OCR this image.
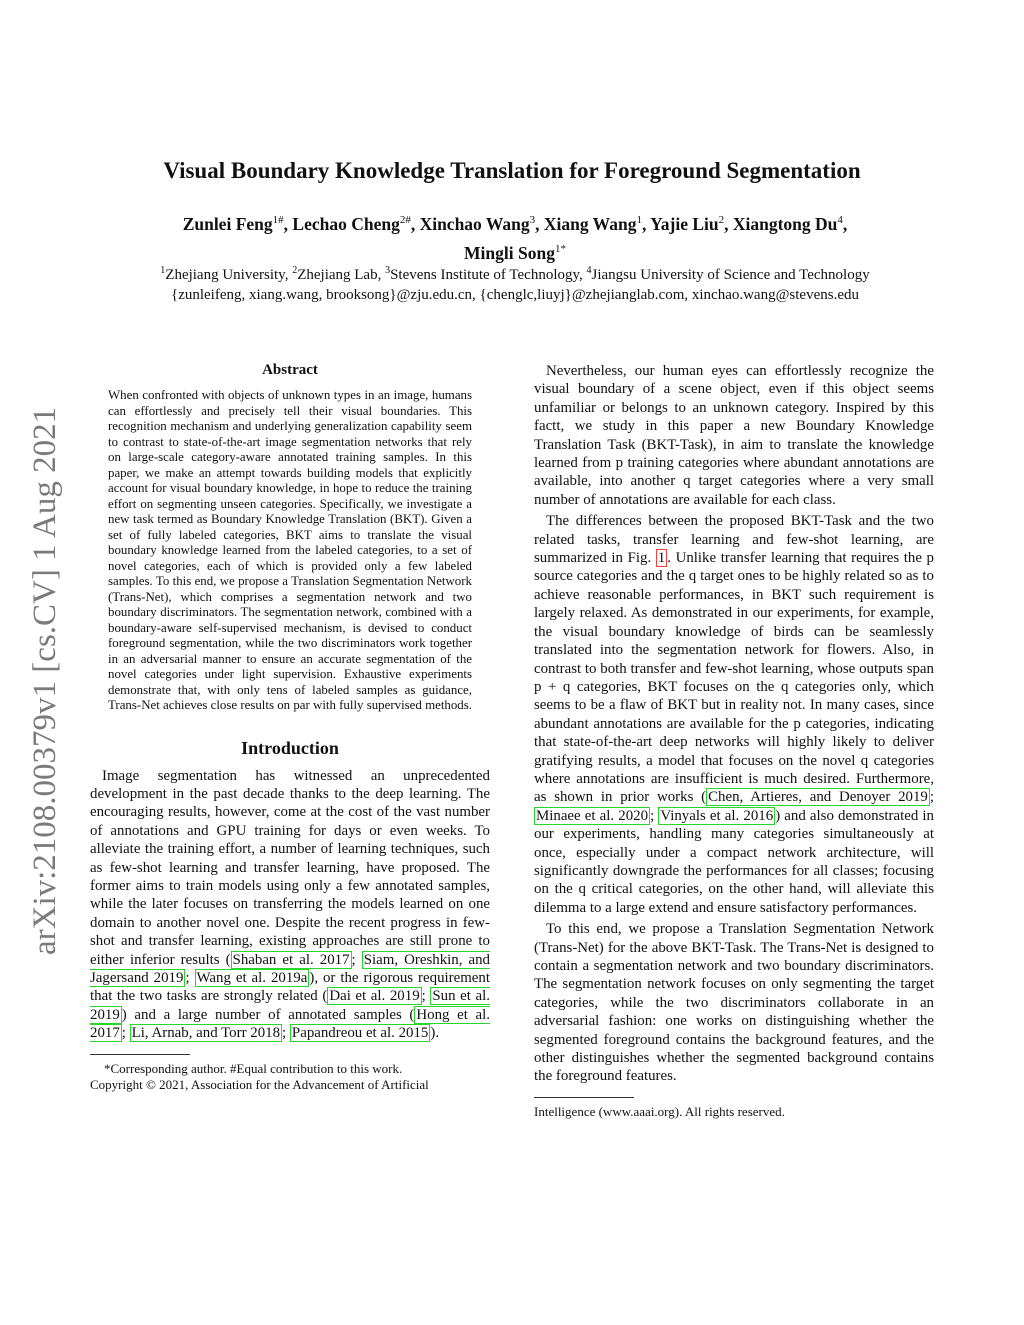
arXiv:2108.00379v1 [cs.CV] 1 Aug 2021
Visual Boundary Knowledge Translation for Foreground Segmentation
Zunlei Feng$^{1\#}$, Lechao Cheng$^{2\#}$, Xinchao Wang$^3$, Xiang Wang$^1$, Yajie Liu$^2$, Xiangtong Du$^4$,
Mingli Song$^{1*}$
$^1$Zhejiang University, $^2$Zhejiang Lab, $^3$Stevens Institute of Technology, $^4$Jiangsu University of Science and Technology
{zunleifeng, xiang.wang, brooksong}@zju.edu.cn, {chenglc,liuyj}@zhejianglab.com, xinchao.wang@stevens.edu
Abstract

When confronted with objects of unknown types in an image, humans can effortlessly and precisely tell their visual boundaries. This recognition mechanism and underlying generalization capability seem to contrast to state-of-the-art image segmentation networks that rely on large-scale category-aware annotated training samples. In this paper, we make an attempt towards building models that explicitly account for visual boundary knowledge, in hope to reduce the training effort on segmenting unseen categories. Specifically, we investigate a new task termed as Boundary Knowledge Translation (BKT). Given a set of fully labeled categories, BKT aims to translate the visual boundary knowledge learned from the labeled categories, to a set of novel categories, each of which is provided only a few labeled samples. To this end, we propose a Translation Segmentation Network (Trans-Net), which comprises a segmentation network and two boundary discriminators. The segmentation network, combined with a boundary-aware self-supervised mechanism, is devised to conduct foreground segmentation, while the two discriminators work together in an adversarial manner to ensure an accurate segmentation of the novel categories under light supervision. Exhaustive experiments demonstrate that, with only tens of labeled samples as guidance, Trans-Net achieves close results on par with fully supervised methods.

Introduction

Image segmentation has witnessed an unprecedented development in the past decade thanks to the deep learning. The encouraging results, however, come at the cost of the vast number of annotations and GPU training for days or even weeks. To alleviate the training effort, a number of learning techniques, such as few-shot learning and transfer learning, have proposed. The former aims to train models using only a few annotated samples, while the later focuses on transferring the models learned on one domain to another novel one. Despite the recent progress in few-shot and transfer learning, existing approaches are still prone to either inferior results ( Shaban et al. 2017 ; Siam, Oreshkin, and Jagersand 2019 ; Wang et al. 2019a ), or the rigorous requirement that the two tasks are strongly related ( Dai et al. 2019 ; Sun et al. 2019 ) and a large number of annotated samples ( Hong et al. 2017 ; Li, Arnab, and Torr 2018 ; Papandreou et al. 2015 ).

*Corresponding author. #Equal contribution to this work.
Copyright © 2021, Association for the Advancement of Artificial

Nevertheless, our human eyes can effortlessly recognize the visual boundary of a scene object, even if this object seems unfamiliar or belongs to an unknown category. Inspired by this factt, we study in this paper a new Boundary Knowledge Translation Task (BKT-Task), in aim to translate the knowledge learned from p training categories where abundant annotations are available, into another q target categories where a very small number of annotations are available for each class.

The differences between the proposed BKT-Task and the two related tasks, transfer learning and few-shot learning, are summarized in Fig. 1 . Unlike transfer learning that requires the p source categories and the q target ones to be highly related so as to achieve reasonable performances, in BKT such requirement is largely relaxed. As demonstrated in our experiments, for example, the visual boundary knowledge of birds can be seamlessly translated into the segmentation network for flowers. Also, in contrast to both transfer and few-shot learning, whose outputs span p + q categories, BKT focuses on the q categories only, which seems to be a flaw of BKT but in reality not. In many cases, since abundant annotations are available for the p categories, indicating that state-of-the-art deep networks will highly likely to deliver gratifying results, a model that focuses on the novel q categories where annotations are insufficient is much desired. Furthermore, as shown in prior works ( Chen, Artieres, and Denoyer 2019 ; Minaee et al. 2020 ; Vinyals et al. 2016 ) and also demonstrated in our experiments, handling many categories simultaneously at once, especially under a compact network architecture, will significantly downgrade the performances for all classes; focusing on the q critical categories, on the other hand, will alleviate this dilemma to a large extend and ensure satisfactory performances.

To this end, we propose a Translation Segmentation Network (Trans-Net) for the above BKT-Task. The Trans-Net is designed to contain a segmentation network and two boundary discriminators. The segmentation network focuses on only segmenting the target categories, while the two discriminators collaborate in an adversarial fashion: one works on distinguishing whether the segmented foreground contains the background features, and the other distinguishes whether the segmented background contains the foreground features.

Intelligence (www.aaai.org). All rights reserved.
